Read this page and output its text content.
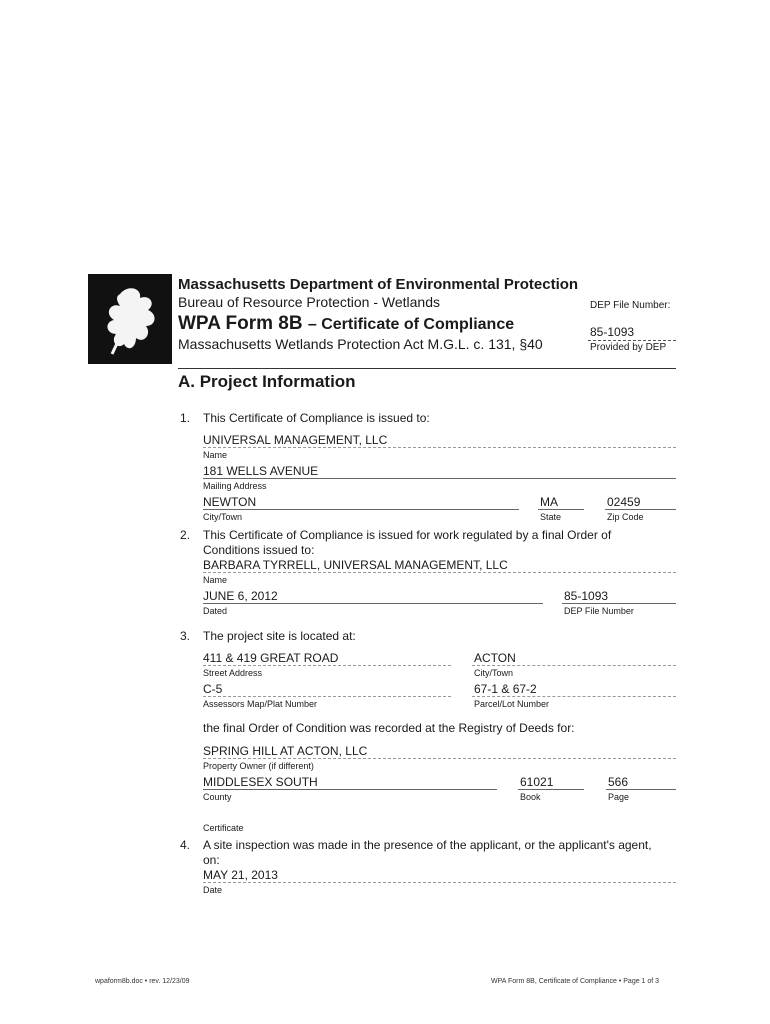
Massachusetts Department of Environmental Protection
Bureau of Resource Protection - Wetlands
WPA Form 8B – Certificate of Compliance
Massachusetts Wetlands Protection Act M.G.L. c. 131, §40
DEP File Number:
85-1093
Provided by DEP
A. Project Information
1. This Certificate of Compliance is issued to:
UNIVERSAL MANAGEMENT, LLC
Name
181 WELLS AVENUE
Mailing Address
NEWTON
City/Town
MA
State
02459
Zip Code
2. This Certificate of Compliance is issued for work regulated by a final Order of
Conditions issued to:
BARBARA TYRRELL, UNIVERSAL MANAGEMENT, LLC
Name
JUNE 6, 2012
Dated
85-1093
DEP File Number
3. The project site is located at:
411 & 419 GREAT ROAD
Street Address
ACTON
City/Town
C-5
Assessors Map/Plat Number
67-1 & 67-2
Parcel/Lot Number
the final Order of Condition was recorded at the Registry of Deeds for:
SPRING HILL AT ACTON, LLC
Property Owner (if different)
MIDDLESEX SOUTH
County
61021
Book
566
Page
Certificate
4. A site inspection was made in the presence of the applicant, or the applicant's agent,
on:
MAY 21, 2013
Date
wpaform8b.doc • rev. 12/23/09	WPA Form 8B, Certificate of Compliance • Page 1 of 3
